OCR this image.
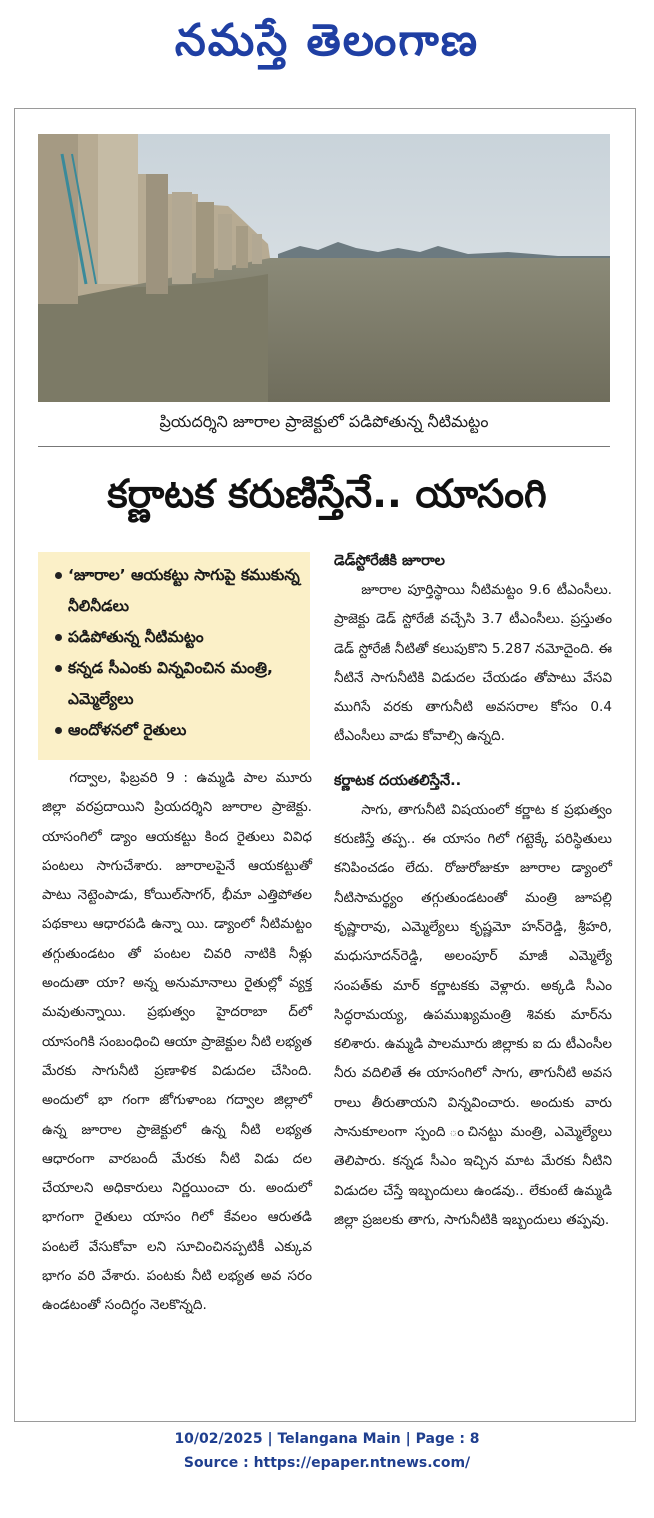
నమస్తే తెలంగాణ
ప్రియదర్శిని జూరాల ప్రాజెక్టులో పడిపోతున్న నీటిమట్టం
కర్ణాటక కరుణిస్తేనే.. యాసంగి
‘జూరాల’ ఆయకట్టు సాగుపై కముకున్న నీలినీడలు
పడిపోతున్న నీటిమట్టం
కన్నడ సీఎంకు విన్నవించిన మంత్రి, ఎమ్మెల్యేలు
ఆందోళనలో రైతులు

గద్వాల, ఫిబ్రవరి 9 : ఉమ్మడి పాల మూరు జిల్లా వరప్రదాయిని ప్రియదర్శిని జూరాల ప్రాజెక్టు. యాసంగిలో డ్యాం ఆయకట్టు కింద రైతులు వివిధ పంటలు సాగుచేశారు. జూరాలపైనే ఆయకట్టుతో పాటు నెట్టెంపాడు, కోయిల్‌సాగర్, భీమా ఎత్తిపోతల పథకాలు ఆధారపడి ఉన్నా యి. డ్యాంలో నీటిమట్టం తగ్గుతుండటం తో పంటల చివరి నాటికి నీళ్లు అందుతా యా? అన్న అనుమానాలు రైతుల్లో వ్యక్త మవుతున్నాయి. ప్రభుత్వం హైదరాబా ద్‌లో యాసంగికి సంబంధించి ఆయా ప్రాజెక్టుల నీటి లభ్యత మేరకు సాగునీటి ప్రణాళిక విడుదల చేసింది. అందులో భా గంగా జోగుళాంబ గద్వాల జిల్లాలో ఉన్న జూరాల ప్రాజెక్టులో ఉన్న నీటి లభ్యత ఆధారంగా వారబందీ మేరకు నీటి విడు దల చేయాలని అధికారులు నిర్ణయించా రు. అందులో భాగంగా రైతులు యాసం గిలో కేవలం ఆరుతడి పంటలే వేసుకోవా లని సూచించినప్పటికీ ఎక్కువ భాగం వరి వేశారు. పంటకు నీటి లభ్యత అవ సరం ఉండటంతో సందిగ్ధం నెలకొన్నది.

డెడ్‌స్టోరేజీకి జూరాల

జూరాల పూర్తిస్థాయి నీటిమట్టం 9.6 టీఎంసీలు. ప్రాజెక్టు డెడ్ స్టోరేజీ వచ్చేసి 3.7 టీఎంసీలు. ప్రస్తుతం డెడ్ స్టోరేజీ నీటితో కలుపుకొని 5.287 నమోదైంది. ఈ నీటినే సాగునీటికి విడుదల చేయడం తోపాటు వేసవి ముగిసే వరకు తాగునీటి అవసరాల కోసం 0.4 టీఎంసీలు వాడు కోవాల్సి ఉన్నది.

కర్ణాటక దయతలిస్తేనే..

సాగు, తాగునీటి విషయంలో కర్ణాట క ప్రభుత్వం కరుణిస్తే తప్ప.. ఈ యాసం గిలో గట్టెక్కే పరిస్థితులు కనిపించడం లేదు. రోజురోజుకూ జూరాల డ్యాంలో నీటిసామర్థ్యం తగ్గుతుండటంతో మంత్రి జూపల్లి కృష్ణారావు, ఎమ్మెల్యేలు కృష్ణమో హన్‌రెడ్డి, శ్రీహరి, మధుసూదన్‌రెడ్డి, అలంపూర్ మాజీ ఎమ్మెల్యే సంపత్‌కు మార్ కర్ణాటకకు వెళ్లారు. అక్కడి సీఎం సిద్ధరామయ్య, ఉపముఖ్యమంత్రి శివకు మార్‌ను కలిశారు. ఉమ్మడి పాలమూరు జిల్లాకు ఐ దు టీఎంసీల నీరు వదిలితే ఈ యాసంగిలో సాగు, తాగునీటి అవస రాలు తీరుతాయని విన్నవించారు. అందుకు వారు సానుకూలంగా స్పంది ంచినట్టు మంత్రి, ఎమ్మెల్యేలు తెలిపారు. కన్నడ సీఎం ఇచ్చిన మాట మేరకు నీటిని విడుదల చేస్తే ఇబ్బందులు ఉండవు.. లేకుంటే ఉమ్మడి జిల్లా ప్రజలకు తాగు, సాగునీటికి ఇబ్బందులు తప్పవు.

10/02/2025 | Telangana Main | Page : 8
Source : https://epaper.ntnews.com/
